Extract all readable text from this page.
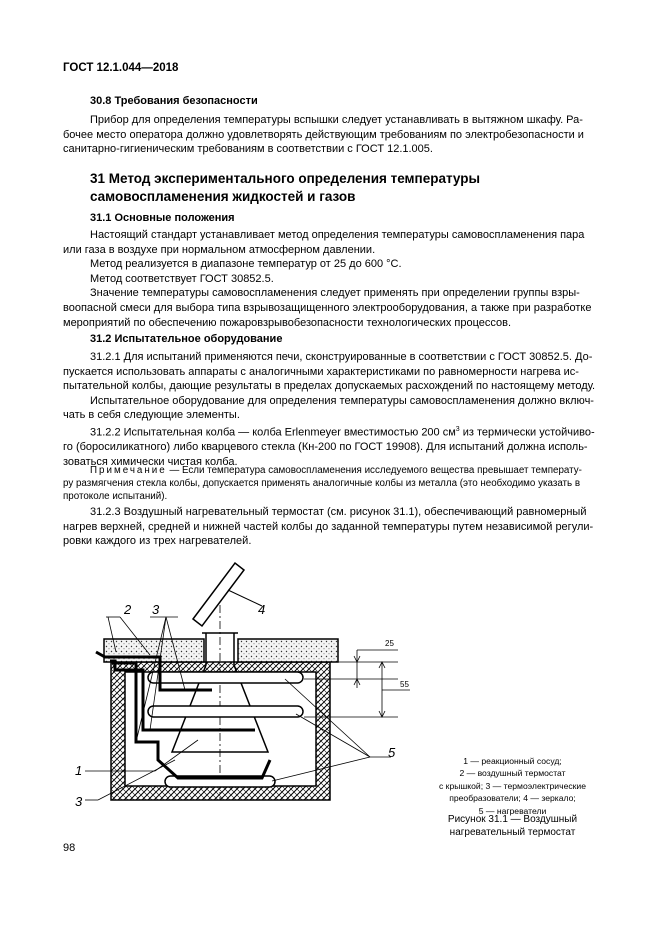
ГОСТ 12.1.044—2018
30.8 Требования безопасности
Прибор для определения температуры вспышки следует устанавливать в вытяжном шкафу. Ра-
бочее место оператора должно удовлетворять действующим требованиям по электробезопасности и
санитарно-гигиеническим требованиям в соответствии с ГОСТ 12.1.005.
31 Метод экспериментального определения температуры
самовоспламенения жидкостей и газов
31.1 Основные положения
Настоящий стандарт устанавливает метод определения температуры самовоспламенения пара
или газа в воздухе при нормальном атмосферном давлении.
Метод реализуется в диапазоне температур от 25 до 600 °С.
Метод соответствует ГОСТ 30852.5.
Значение температуры самовоспламенения следует применять при определении группы взры-
воопасной смеси для выбора типа взрывозащищенного электрооборудования, а также при разработке
мероприятий по обеспечению пожаровзрывобезопасности технологических процессов.
31.2 Испытательное оборудование
31.2.1 Для испытаний применяются печи, сконструированные в соответствии с ГОСТ 30852.5. До-
пускается использовать аппараты с аналогичными характеристиками по равномерности нагрева ис-
пытательной колбы, дающие результаты в пределах допускаемых расхождений по настоящему методу.
Испытательное оборудование для определения температуры самовоспламенения должно включ-
чать в себя следующие элементы.
31.2.2 Испытательная колба — колба Erlenmeyer вместимостью 200 $см^3$ из термически устойчиво-
го (боросиликатного) либо кварцевого стекла (Кн-200 по ГОСТ 19908). Для испытаний должна исполь-
зоваться химически чистая колба.
Примечание — Если температура самовоспламенения исследуемого вещества превышает температу-
ру размягчения стекла колбы, допускается применять аналогичные колбы из металла (это необходимо указать в
протоколе испытаний).
31.2.3 Воздушный нагревательный термостат (см. рисунок 31.1), обеспечивающий равномерный
нагрев верхней, средней и нижней частей колбы до заданной температуры путем независимой регули-
ровки каждого из трех нагревателей.
2 3	4
1
3
5
25
55
1 — реакционный сосуд;
2 — воздушный термостат
с крышкой; 3 — термоэлектрические
преобразователи; 4 — зеркало;
5 — нагреватели
Рисунок 31.1 — Воздушный
нагревательный термостат
98
